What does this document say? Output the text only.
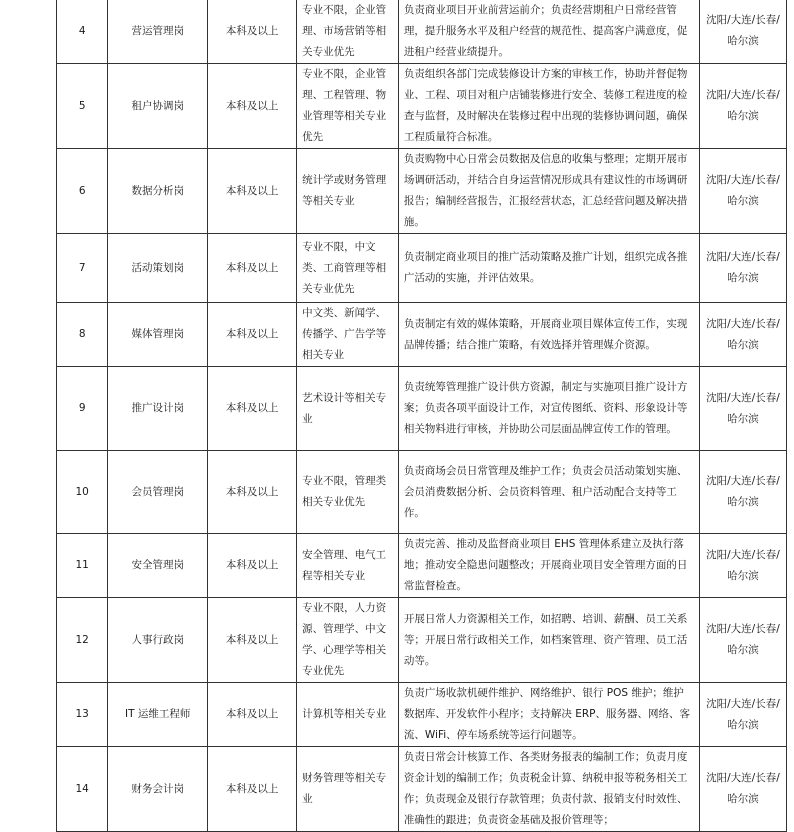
4	营运管理岗	本科及以上	专业不限，企业管理、市场营销等相关专业优先	负责商业项目开业前营运前介；负责经营期租户日常经营管理，提升服务水平及租户经营的规范性、提高客户满意度，促进租户经营业绩提升。	沈阳/大连/长春/哈尔滨
5	租户协调岗	本科及以上	专业不限，企业管理、工程管理、物业管理等相关专业优先	负责组织各部门完成装修设计方案的审核工作，协助并督促物业、工程、项目对租户店铺装修进行安全、装修工程进度的检查与监督，及时解决在装修过程中出现的装修协调问题，确保工程质量符合标准。	沈阳/大连/长春/哈尔滨
6	数据分析岗	本科及以上	统计学或财务管理等相关专业	负责购物中心日常会员数据及信息的收集与整理；定期开展市场调研活动，并结合自身运营情况形成具有建议性的市场调研报告；编制经营报告，汇报经营状态，汇总经营问题及解决措施。	沈阳/大连/长春/哈尔滨
7	活动策划岗	本科及以上	专业不限，中文类、工商管理等相关专业优先	负责制定商业项目的推广活动策略及推广计划，组织完成各推广活动的实施，并评估效果。	沈阳/大连/长春/哈尔滨
8	媒体管理岗	本科及以上	中文类、新闻学、传播学、广告学等相关专业	负责制定有效的媒体策略，开展商业项目媒体宣传工作，实现品牌传播；结合推广策略，有效选择并管理媒介资源。	沈阳/大连/长春/哈尔滨
9	推广设计岗	本科及以上	艺术设计等相关专业	负责统筹管理推广设计供方资源，制定与实施项目推广设计方案；负责各项平面设计工作，对宣传图纸、资料、形象设计等相关物料进行审核，并协助公司层面品牌宣传工作的管理。	沈阳/大连/长春/哈尔滨
10	会员管理岗	本科及以上	专业不限，管理类相关专业优先	负责商场会员日常管理及维护工作；负责会员活动策划实施、会员消费数据分析、会员资料管理、租户活动配合支持等工作。	沈阳/大连/长春/哈尔滨
11	安全管理岗	本科及以上	安全管理、电气工程等相关专业	负责完善、推动及监督商业项目 EHS 管理体系建立及执行落地；推动安全隐患问题整改；开展商业项目安全管理方面的日常监督检查。	沈阳/大连/长春/哈尔滨
12	人事行政岗	本科及以上	专业不限，人力资源、管理学、中文学、心理学等相关专业优先	开展日常人力资源相关工作，如招聘、培训、薪酬、员工关系等；开展日常行政相关工作，如档案管理、资产管理、员工活动等。	沈阳/大连/长春/哈尔滨
13	IT 运维工程师	本科及以上	计算机等相关专业	负责广场收款机硬件维护、网络维护、银行 POS 维护；维护数据库、开发软件小程序；支持解决 ERP、服务器、网络、客流、WiFi、停车场系统等运行问题等。	沈阳/大连/长春/哈尔滨
14	财务会计岗	本科及以上	财务管理等相关专业	负责日常会计核算工作、各类财务报表的编制工作；负责月度资金计划的编制工作；负责税金计算、纳税申报等税务相关工作；负责现金及银行存款管理；负责付款、报销支付时效性、准确性的跟进；负责资金基础及报价管理等；	沈阳/大连/长春/哈尔滨
